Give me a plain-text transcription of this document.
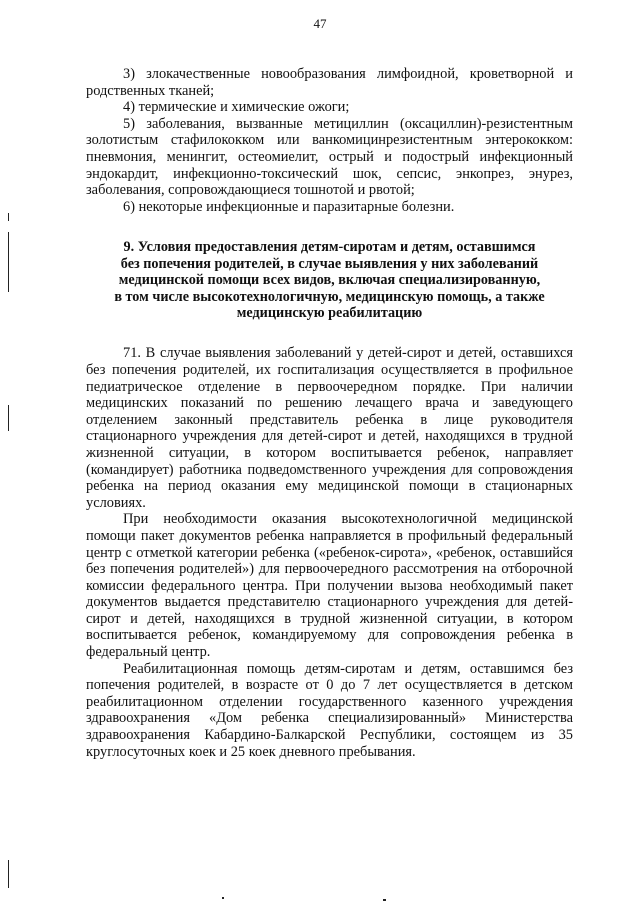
47

3) злокачественные новообразования лимфоидной, кроветворной и родственных тканей;

4) термические и химические ожоги;

5) заболевания, вызванные метициллин (оксациллин)-резистентным золотистым стафилококком или ванкомицинрезистентным энтерококком: пневмония, менингит, остеомиелит, острый и подострый инфекционный эндокардит, инфекционно-токсический шок, сепсис, энкопрез, энурез, заболевания, сопровождающиеся тошнотой и рвотой;

6) некоторые инфекционные и паразитарные болезни.

9. Условия предоставления детям-сиротам и детям, оставшимся
без попечения родителей, в случае выявления у них заболеваний
медицинской помощи всех видов, включая специализированную,
в том числе высокотехнологичную, медицинскую помощь, а также
медицинскую реабилитацию

71. В случае выявления заболеваний у детей-сирот и детей, оставшихся без попечения родителей, их госпитализация осуществляется в профильное педиатрическое отделение в первоочередном порядке. При наличии медицинских показаний по решению лечащего врача и заведующего отделением законный представитель ребенка в лице руководителя стационарного учреждения для детей-сирот и детей, находящихся в трудной жизненной ситуации, в котором воспитывается ребенок, направляет (командирует) работника подведомственного учреждения для сопровождения ребенка на период оказания ему медицинской помощи в стационарных условиях.

При необходимости оказания высокотехнологичной медицинской помощи пакет документов ребенка направляется в профильный федеральный центр с отметкой категории ребенка («ребенок-сирота», «ребенок, оставшийся без попечения родителей») для первоочередного рассмотрения на отборочной комиссии федерального центра. При получении вызова необходимый пакет документов выдается представителю стационарного учреждения для детей-сирот и детей, находящихся в трудной жизненной ситуации, в котором воспитывается ребенок, командируемому для сопровождения ребенка в федеральный центр.

Реабилитационная помощь детям-сиротам и детям, оставшимся без попечения родителей, в возрасте от 0 до 7 лет осуществляется в детском реабилитационном отделении государственного казенного учреждения здравоохранения «Дом ребенка специализированный» Министерства здравоохранения Кабардино-Балкарской Республики, состоящем из 35 круглосуточных коек и 25 коек дневного пребывания.
